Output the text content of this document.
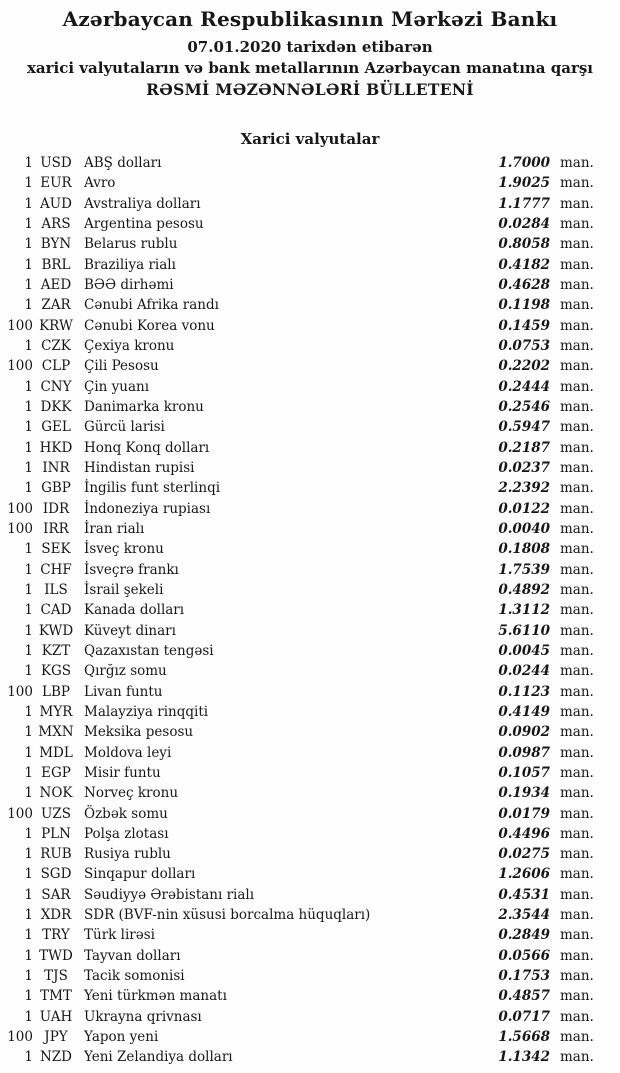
Azərbaycan Respublikasının Mərkəzi Bankı
07.01.2020 tarixdən etibarən
xarici valyutaların və bank metallarının Azərbaycan manatına qarşı
RƏSMİ MƏZƏNNƏLƏRİ BÜLLETENİ
Xarici valyutalar
1 USD ABŞ dolları	1.7000 man.
1 EUR Avro	1.9025 man.
1 AUD Avstraliya dolları	1.1777 man.
1 ARS Argentina pesosu	0.0284 man.
1 BYN Belarus rublu	0.8058 man.
1 BRL Braziliya rialı	0.4182 man.
1 AED BƏƏ dirhəmi	0.4628 man.
1 ZAR Cənubi Afrika randı	0.1198 man.
100 KRW Cənubi Korea vonu	0.1459 man.
1 CZK Çexiya kronu	0.0753 man.
100 CLP	Çili Pesosu	0.2202 man.
1 CNY Çin yuanı	0.2444 man.
1 DKK Danimarka kronu	0.2546 man.
1 GEL Gürcü larisi	0.5947 man.
1 HKD Honq Konq dolları	0.2187 man.
1 INR	Hindistan rupisi	0.0237 man.
1 GBP İngilis funt sterlinqi	2.2392 man.
100 IDR	İndoneziya rupiası	0.0122 man.
100 IRR	İran rialı	0.0040 man.
1 SEK İsveç kronu	0.1808 man.
1 CHF İsveçrə frankı	1.7539 man.
1 ILS	İsrail şekeli	0.4892 man.
1 CAD Kanada dolları	1.3112 man.
1 KWD Küveyt dinarı	5.6110 man.
1 KZT	Qazaxıstan tengəsi	0.0045 man.
1 KGS Qırğız somu	0.0244 man.
100 LBP	Livan funtu	0.1123 man.
1 MYR Malayziya rinqqiti	0.4149 man.
1 MXN Meksika pesosu	0.0902 man.
1 MDL Moldova leyi	0.0987 man.
1 EGP Misir funtu	0.1057 man.
1 NOK Norveç kronu	0.1934 man.
100 UZS Özbək somu	0.0179 man.
1 PLN Polşa zlotası	0.4496 man.
1 RUB Rusiya rublu	0.0275 man.
1 SGD Sinqapur dolları	1.2606 man.
1 SAR Səudiyyə Ərəbistanı rialı	0.4531 man.
1 XDR SDR (BVF-nin xüsusi borcalma hüquqları)	2.3544 man.
1 TRY	Türk lirəsi	0.2849 man.
1 TWD Tayvan dolları	0.0566 man.
1 TJS	Tacik somonisi	0.1753 man.
1 TMT Yeni türkmən manatı	0.4857 man.
1 UAH Ukrayna qrivnası	0.0717 man.
100 JPY	Yapon yeni	1.5668 man.
1 NZD Yeni Zelandiya dolları	1.1342 man.
